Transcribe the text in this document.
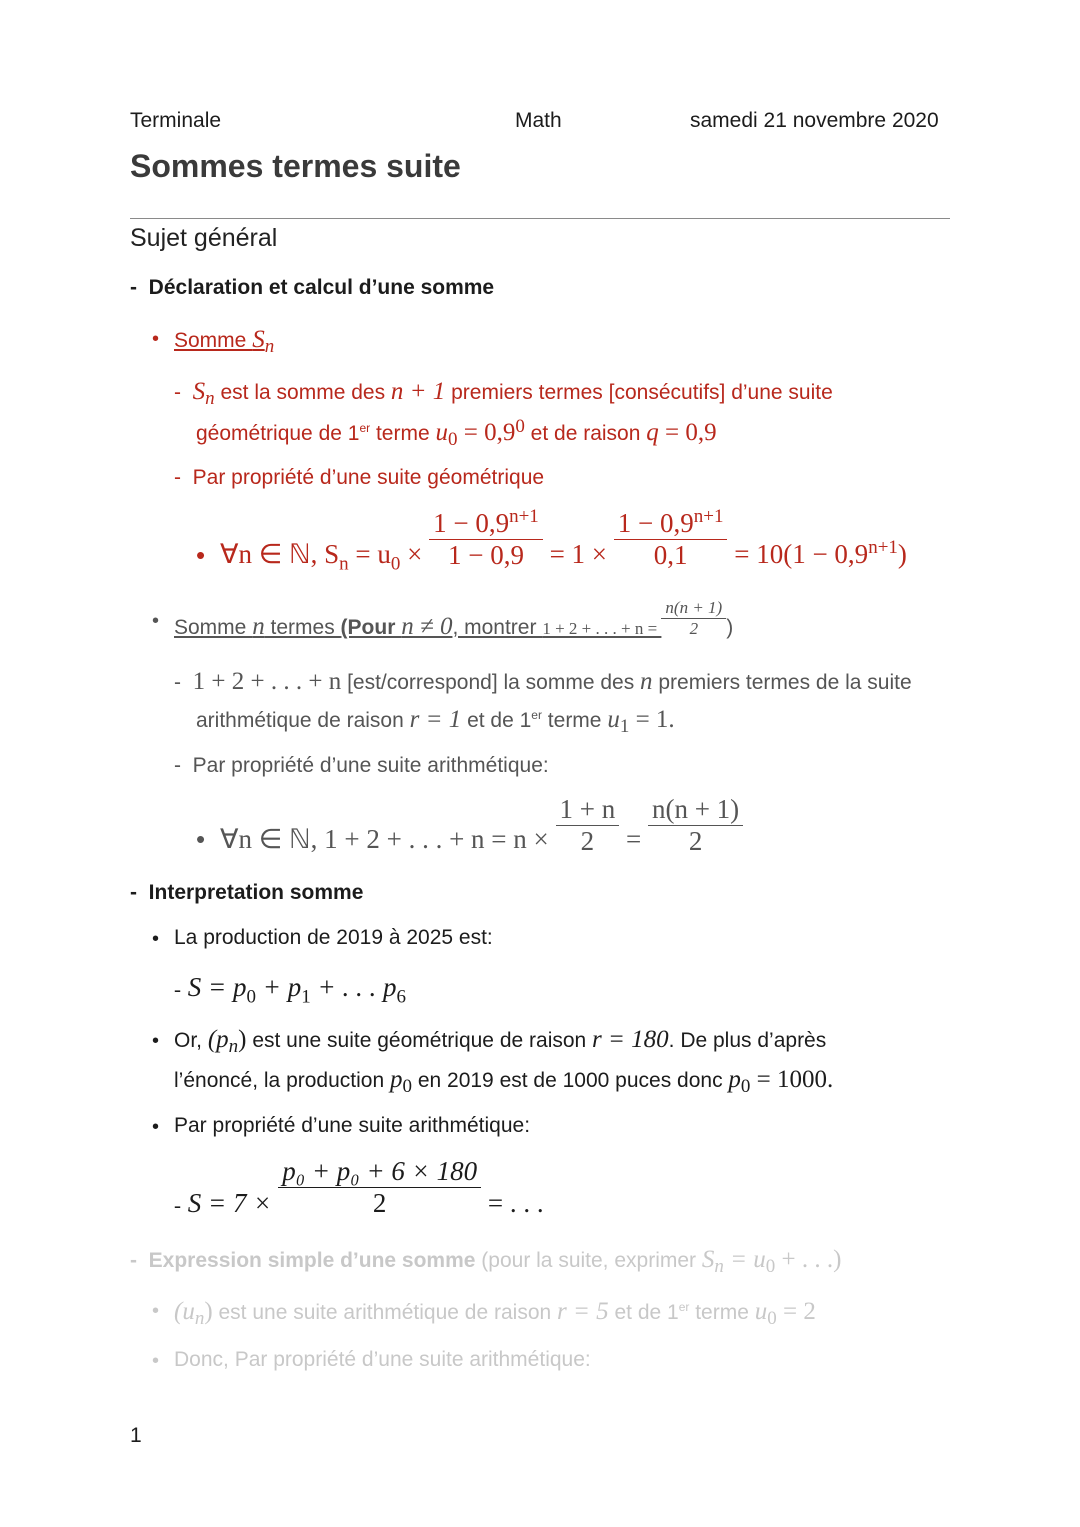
Terminale	Math	samedi 21 novembre 2020
Sommes termes suite
Sujet général
- Déclaration et calcul d’une somme
• Somme $S_n$
- $S_n$ est la somme des n + 1 premiers termes [consécutifs] d’une suite
géométrique de 1er terme $u_0 = 0,9^0$ et de raison q = 0,9
- Par propriété d’une suite géométrique
• ∀n ∈ ℕ, $S_n = u_0 \times \frac{1 - 0,9^{n+1}}{1 - 0,9} = 1 \times \frac{1 - 0,9^{n+1}}{0,1} = 10(1 - 0,9^{n+1})$
• Somme n termes (Pour n ≠ 0, montrer 1 + 2 + . . . + $n = \frac{n(n + 1)}{2}$ )
- 1 + 2 + . . . + n [est/correspond] la somme des n premiers termes de la suite
arithmétique de raison r = 1 et de 1er terme $u_1 = 1$.
- Par propriété d’une suite arithmétique:
• ∀n ∈ ℕ, 1 + 2 + . . . + $n = n \times \frac{1 + n}{2} = \frac{n(n + 1)}{2}$
- Interpretation somme
• La production de 2019 à 2025 est:
- $S = p_0 + p_1$ + . . . $p_6$
• Or, $(p_n)$ est une suite géométrique de raison r = 180. De plus d’après
l’énoncé, la production $p_0$ en 2019 est de 1000 puces donc $p_0 = 1000$.
• Par propriété d’une suite arithmétique:
$_-$ $S = 7 \times \frac{\text{p₀ + p₀ + 6 × 180}}{2}$ = . . .
- Expression simple d’une somme (pour la suite, exprimer $S_n = u_0$ + . . .)
• $(u_n)$ est une suite arithmétique de raison r = 5 et de 1er terme $u_0 = 2$
• Donc, Par propriété d’une suite arithmétique:
1
